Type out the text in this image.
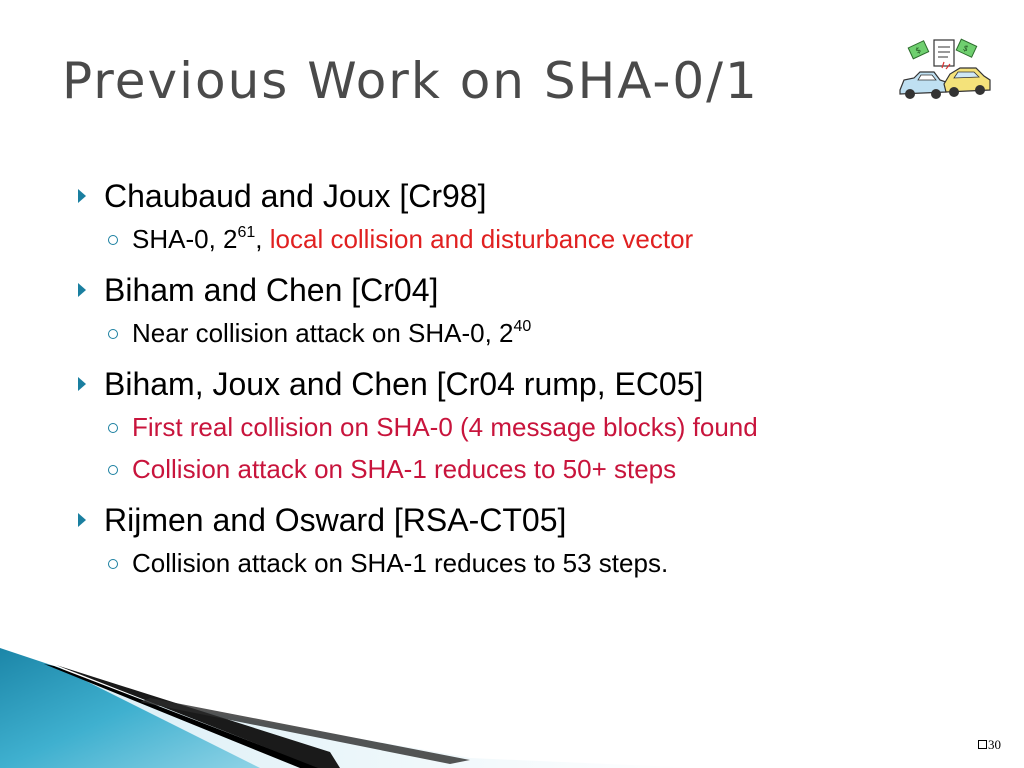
Previous Work on SHA-0/1
$	$
Chaubaud and Joux [Cr98]
SHA-0, $2^{61}$, local collision and disturbance vector
Biham and Chen [Cr04]
Near collision attack on SHA-0, $2^{40}$
Biham, Joux and Chen [Cr04 rump, EC05]
First real collision on SHA-0 (4 message blocks) found
Collision attack on SHA-1 reduces to 50+ steps
Rijmen and Osward [RSA-CT05]
Collision attack on SHA-1 reduces to 53 steps.
30
